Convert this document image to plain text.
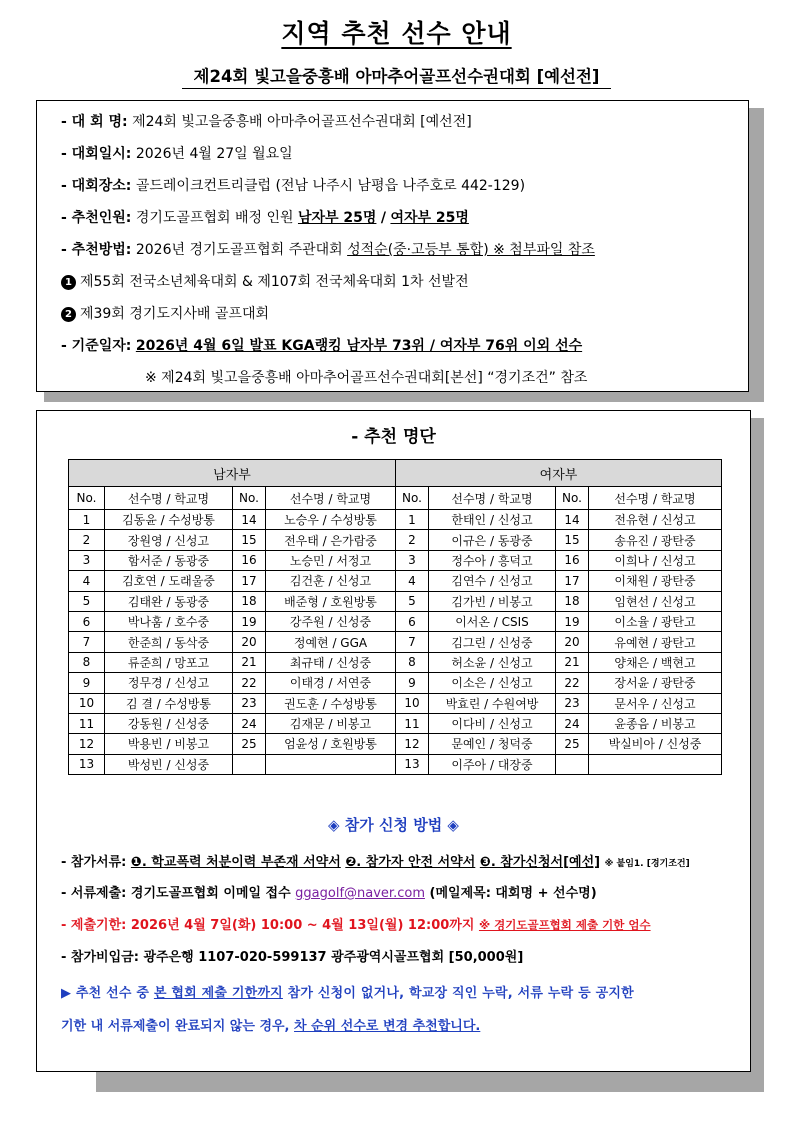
지역 추천 선수 안내
제24회 빛고을중흥배 아마추어골프선수권대회 [예선전]
- 대 회 명: 제24회 빛고을중흥배 아마추어골프선수권대회 [예선전]
- 대회일시: 2026년 4월 27일 월요일
- 대회장소: 골드레이크컨트리클럽 (전남 나주시 남평읍 나주호로 442-129)
- 추천인원: 경기도골프협회 배정 인원 남자부 25명 / 여자부 25명
- 추천방법: 2026년 경기도골프협회 주관대회 성적순(중·고등부 통합) ※ 첨부파일 참조
1 제55회 전국소년체육대회 & 제107회 전국체육대회 1차 선발전
2 제39회 경기도지사배 골프대회
- 기준일자: 2026년 4월 6일 발표 KGA랭킹 남자부 73위 / 여자부 76위 이외 선수
※ 제24회 빛고을중흥배 아마추어골프선수권대회[본선] “경기조건” 참조
- 추천 명단
남자부				여자부			
No.	선수명 / 학교명	No.	선수명 / 학교명	No.	선수명 / 학교명	No.	선수명 / 학교명
1	김동윤 / 수성방통	14	노승우 / 수성방통	1	한태인 / 신성고	14	전유현 / 신성고
2	장원영 / 신성고	15	전우태 / 은가람중	2	이규은 / 동광중	15	송유진 / 광탄중
3	함서준 / 동광중	16	노승민 / 서정고	3	정수아 / 흥덕고	16	이희나 / 신성고
4	김호연 / 도래울중	17	김건훈 / 신성고	4	김연수 / 신성고	17	이채원 / 광탄중
5	김태완 / 동광중	18	배준형 / 호원방통	5	김가빈 / 비봉고	18	임현선 / 신성고
6	박나훔 / 호수중	19	강주원 / 신성중	6	이서온 / CSIS	19	이소율 / 광탄고
7	한준희 / 동삭중	20	정예현 / GGA	7	김그린 / 신성중	20	유예현 / 광탄고
8	류준희 / 망포고	21	최규태 / 신성중	8	허소윤 / 신성고	21	양채은 / 백현고
9	정무경 / 신성고	22	이태경 / 서연중	9	이소은 / 신성고	22	장서윤 / 광탄중
10	김 결 / 수성방통	23	권도훈 / 수성방통	10	박효린 / 수원여방	23	문서우 / 신성고
11	강동원 / 신성중	24	김재문 / 비봉고	11	이다비 / 신성고	24	윤종음 / 비봉고
12	박용빈 / 비봉고	25	엄윤성 / 호원방통	12	문예인 / 청덕중	25	박실비아 / 신성중
13	박성빈 / 신성중			13	이주아 / 대장중		
◈ 참가 신청 방법 ◈
- 참가서류: ❶. 학교폭력 처분이력 부존재 서약서 ❷. 참가자 안전 서약서 ❸. 참가신청서[예선] ※ 붙임1. [경기조건]
- 서류제출: 경기도골프협회 이메일 접수 ggagolf@naver.com (메일제목: 대회명 + 선수명)
- 제출기한: 2026년 4월 7일(화) 10:00 ~ 4월 13일(월) 12:00까지 ※ 경기도골프협회 제출 기한 엄수
- 참가비입금: 광주은행 1107-020-599137 광주광역시골프협회 [50,000원]
▶ 추천 선수 중 본 협회 제출 기한까지 참가 신청이 없거나, 학교장 직인 누락, 서류 누락 등 공지한
기한 내 서류제출이 완료되지 않는 경우, 차 순위 선수로 변경 추천합니다.
